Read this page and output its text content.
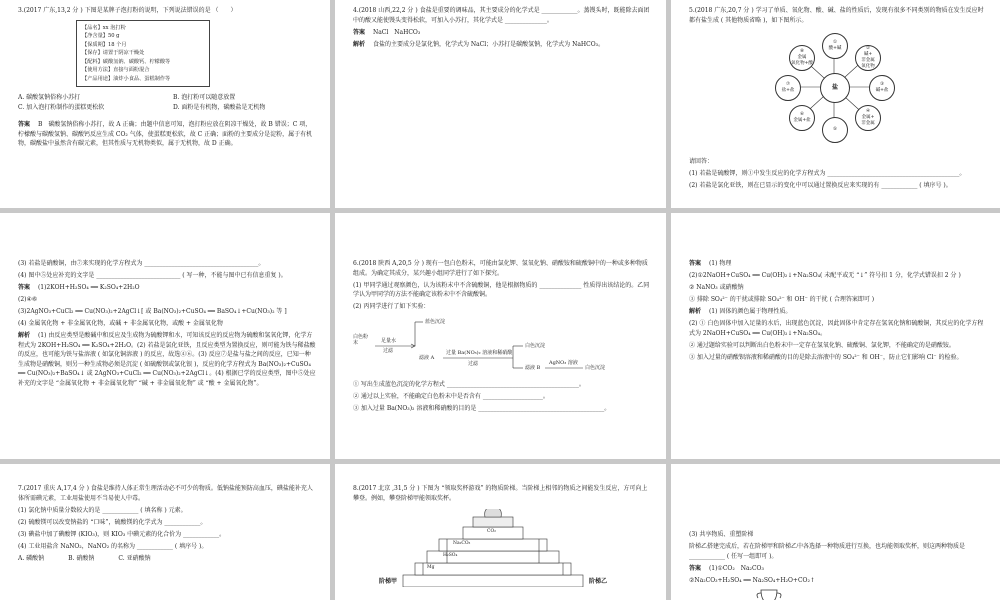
3.(2017 广东,13,2 分 ) 下图是某牌子泡打粉的说明，下列说法错误的是 （　　）

【品名】xx 泡打粉
【净含量】50 g
【保质期】18 个月
【保存】请置于阴凉干燥处
【配料】碳酸氢钠、碳酸钙、柠檬酸等
【使用方法】直接与面粉混合
【产品用途】油炸小食品、蛋糕制作等
A. 碳酸氢钠俗称小苏打	B. 泡打粉可以随意放置
C. 加入泡打粉制作的蛋糕更松软	D. 面粉是有机物，碳酸盐是无机物

答案 B　碳酸氢钠俗称小苏打，故 A 正确；由题中信息可知，泡打粉应放在阴凉干燥处，故 B 错误；C 项，柠檬酸与碳酸氢钠、碳酸钙反应生成 CO₂ 气体，使蛋糕更松软，故 C 正确；面粉的主要成分是淀粉，属于有机物，碳酸盐中虽然含有碳元素，但其性质与无机物类似，属于无机物，故 D 正确。

4.(2018 山西,22,2 分 ) 食盐是重要的调味品，其主要成分的化学式是 ____________。蒸馒头时，既能除去面团中的酸又能使馒头变得松软，可加入小苏打，其化学式是 ______________。

答案 NaCl　NaHCO₃

解析 食盐的主要成分是氯化钠，化学式为 NaCl；小苏打是碳酸氢钠，化学式为 NaHCO₃。

5.(2018 广东,20,7 分 ) 学习了单质、氧化物、酸、碱、盐的性质后，发现有很多不同类别的物质在发生反应时都有盐生成 ( 其他物质省略 )，如下图所示。

①
酸+碱	②
碱+
非金属
氧化物
③
碱+盐
④
金属+
非金属
⑤
⑥
金属+盐
⑦
盐+盐
⑧
金属
氧化物+酸
盐

请回答：

(1) 若盐是硫酸钾，则①中发生反应的化学方程式为 ____________________________________________。

(2) 若盐是氯化亚铁，则在已显示的变化中可以通过置换反应来实现的有 ____________ ( 填序号 )。

(3) 若盐是硝酸铜，由⑦来实现的化学方程式为 ______________________________________。

(4) 图中⑤处应补充的文字是 ____________________________ ( 写一种，不能与图中已有信息重复 )。

答案 (1)2KOH+H₂SO₄ ══ K₂SO₄+2H₂O

(2)④⑥

(3)2AgNO₃+CuCl₂ ══ Cu(NO₃)₂+2AgCl↓[ 或 Ba(NO₃)₂+CuSO₄ ══ BaSO₄↓+Cu(NO₃)₂ 等 ]

(4) 金属氧化物 + 非金属氧化物，或碱 + 非金属氧化物，或酸 + 金属氧化物

解析 (1) 由反应类型是酸碱中和反应及生成物为硫酸钾和水，可知该反应的反应物为硫酸和氢氧化钾，化学方程式为 2KOH+H₂SO₄ ══ K₂SO₄+2H₂O。(2) 若盐是氯化亚铁，且反应类型为置换反应，则可能为铁与稀盐酸的反应，也可能为铁与盐溶液 ( 如氯化铜溶液 ) 的反应，故选④⑥。(3) 反应⑦是盐与盐之间的反应，已知一种生成物是硝酸铜，则另一种生成物必须是沉淀 ( 如硫酸钡或氯化银 )，反应的化学方程式为 Ba(NO₃)₂+CuSO₄ ══ Cu(NO₃)₂+BaSO₄↓ 或 2AgNO₃+CuCl₂ ══ Cu(NO₃)₂+2AgCl↓。(4) 根据已学的反应类型，图中⑤处应补充的文字是 “金属氧化物 + 非金属氧化物” “碱 + 非金属氧化物” 或 “酸 + 金属氧化物”。

6.(2018 陕西 A,20,5 分 ) 现有一包白色粉末，可能由氯化钾、氢氧化钠、硝酸铵和硫酸铜中的一种或多种物质组成。为确定其成分，某兴趣小组同学进行了如下探究。

(1) 甲同学通过观察颜色，认为该粉末中不含硫酸铜，他是根据物质的 ______________ 性质得出该结论的。乙同学认为甲同学的方法不能确定该粉末中不含硫酸铜。

(2) 丙同学进行了如下实验：

白色粉末	足量水
过滤
蓝色沉淀
滤液 A
过量 Ba(NO₃)₂ 溶液和稀硝酸
过滤
白色沉淀
滤液 B
AgNO₃ 溶液
白色沉淀

① 写出生成蓝色沉淀的化学方程式 ____________________________________________。

② 通过以上实验，不能确定白色粉末中是否含有 ____________________。

③ 加入过量 Ba(NO₃)₂ 溶液和稀硝酸的目的是 __________________________________________。

答案 (1) 物理

(2)①2NaOH+CuSO₄ ══ Cu(OH)₂↓+Na₂SO₄( 未配平或无 “↓” 符号扣 1 分，化学式错误扣 2 分 )

② NaNO₃ 或硝酸钠

③ 排除 SO₄²⁻ 的干扰或排除 SO₄²⁻ 和 OH⁻ 的干扰 ( 合理答案即可 )

解析 (1) 固体的颜色属于物理性质。

(2) ① 白色固体中加入足量的水后，出现蓝色沉淀，因此固体中肯定存在氢氧化钠和硫酸铜，其反应的化学方程式为 2NaOH+CuSO₄ ══ Cu(OH)₂↓+Na₂SO₄。

② 通过题给实验可以判断出白色粉末中一定存在氢氧化钠、硫酸铜、氯化钾，不能确定的是硝酸铵。

③ 加入过量的硝酸钡溶液和稀硝酸的目的是除去溶液中的 SO₄²⁻ 和 OH⁻，防止它们影响 Cl⁻ 的检验。

7.(2017 重庆 A,17,4 分 ) 食盐是维持人体正常生理活动必不可少的物质。低钠盐能预防高血压，碘盐能补充人体所需碘元素，工业用盐使用不当易使人中毒。

(1) 氯化钠中质量分数较大的是 ____________ ( 填名称 ) 元素。

(2) 硫酸镁可以改变钠盐的 “口味”，硫酸镁的化学式为 ____________。

(3) 碘盐中加了碘酸钾 (KIO₃)，则 KIO₃ 中碘元素的化合价为 ____________。

(4) 工业用盐含 NaNO₂，NaNO₂ 的名称为 ____________ ( 填序号 )。

A. 磷酸钠	B. 硝酸钠	C. 亚硝酸钠

8.(2017 北京 ,31,5 分 ) 下图为 “领取奖杯游戏” 的物质阶梯。当阶梯上相邻的物质之间能发生反应，方可向上攀登。例如，攀登阶梯甲能领取奖杯。

Mg
H₂SO₄
Na₂CO₃
CO₂
阶梯甲	阶梯乙

(3) 共享物质、重塑阶梯

阶梯乙搭建完成后，若在阶梯甲和阶梯乙中各选择一种物质进行互换，也均能领取奖杯，则这两种物质是 ____________ ( 任写一组即可 )。

答案 (1)①CO₂　Na₂CO₃

②Na₂CO₃+H₂SO₄ ══ Na₂SO₄+H₂O+CO₂↑
